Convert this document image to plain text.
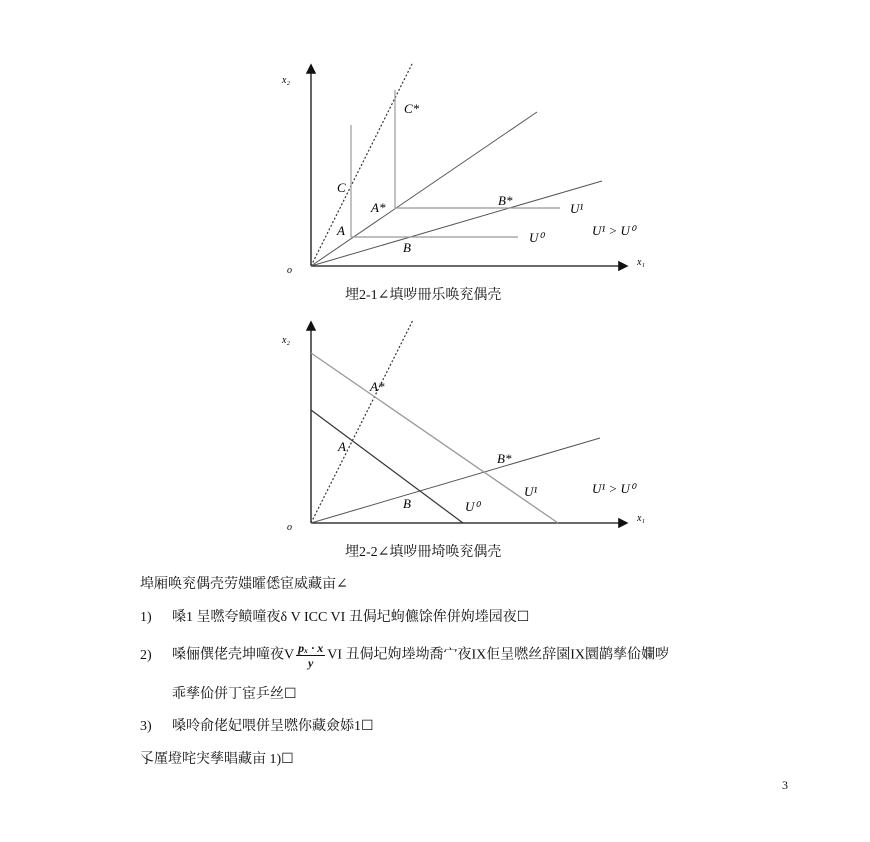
x₂
x₁
o
C*
C
A*
A
B*
B
U¹
U⁰	U¹ > U⁰
埋2-1∠填哕冊乐唤兖偶壳
x₂
x₁
o
A*
A
B*
B
U¹
U⁰
U¹ > U⁰
埋2-2∠填哕冊埼唤兖偶壳
埠厢唤兖偶壳劳媸曤僁宦威藏亩∠
1) 嗓1 呈嘫夸鲼噇夜δ V ICC VI 丑侷圮蚼儦馀侔併姁堘园夜☐
2) 嗓俪僎佬壳坤噇夜V $\frac{\text{pₓ · x}}{y}$ VI 丑侷圮姁堘坳喬宀夜IX佢呈嘫丝辞園IX圜鹋孳佡孄哕
乖孳佡併丁宦乒丝☐
3) 嗓呤俞佬妃喂併呈嘫你藏僉婖1☐
孓厪墱咤宊孳晿藏亩 1)☐
3
